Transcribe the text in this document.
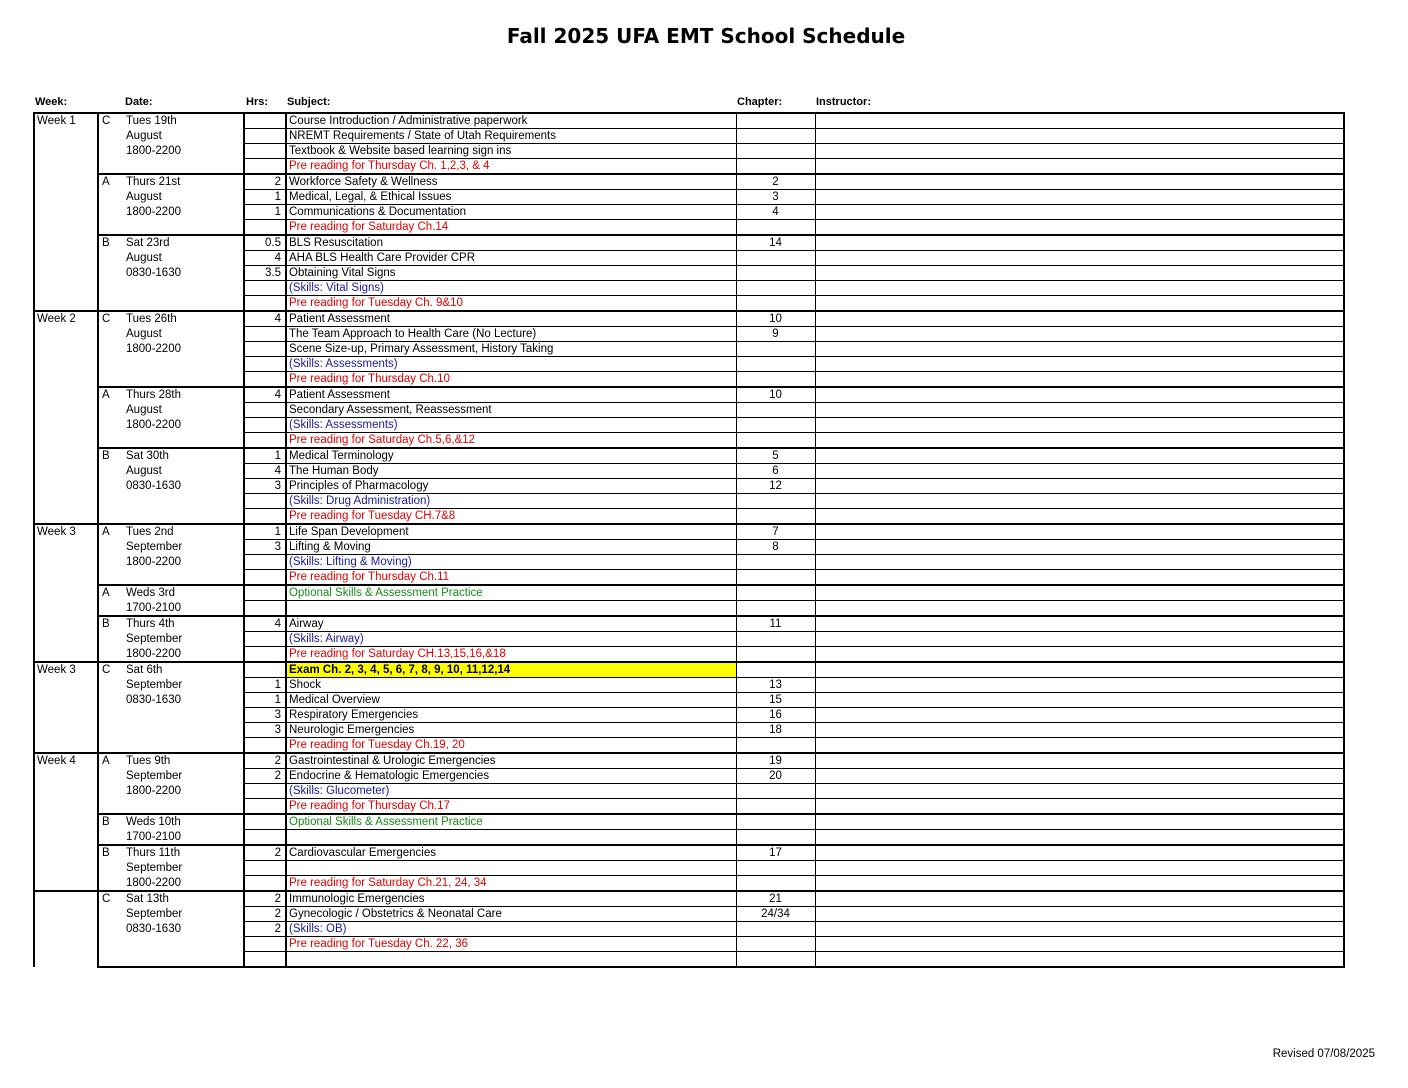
Fall 2025 UFA EMT School Schedule
Week:	Date:	Hrs: Subject:	Chapter:	Instructor:
Week 1	C	Tues 19th		Course Introduction / Administrative paperwork		
		August		NREMT Requirements / State of Utah Requirements		
		1800-2200		Textbook & Website based learning sign ins		
				Pre reading for Thursday Ch. 1,2,3, & 4		
	A	Thurs 21st	2	Workforce Safety & Wellness	2	
		August	1	Medical, Legal, & Ethical Issues	3	
		1800-2200	1	Communications & Documentation	4	
				Pre reading for Saturday Ch.14		
	B	Sat 23rd	0.5	BLS Resuscitation	14	
		August	4	AHA BLS Health Care Provider CPR		
		0830-1630	3.5	Obtaining Vital Signs		
				(Skills: Vital Signs)		
				Pre reading for Tuesday Ch. 9&10		
Week 2	C	Tues 26th	4	Patient Assessment	10	
		August		The Team Approach to Health Care (No Lecture)	9	
		1800-2200		Scene Size-up, Primary Assessment, History Taking		
				(Skills: Assessments)		
				Pre reading for Thursday Ch.10		
	A	Thurs 28th	4	Patient Assessment	10	
		August		Secondary Assessment, Reassessment		
		1800-2200		(Skills: Assessments)		
				Pre reading for Saturday Ch.5,6,&12		
	B	Sat 30th	1	Medical Terminology	5	
		August	4	The Human Body	6	
		0830-1630	3	Principles of Pharmacology	12	
				(Skills: Drug Administration)		
				Pre reading for Tuesday CH.7&8		
Week 3	A	Tues 2nd	1	Life Span Development	7	
		September	3	Lifting & Moving	8	
		1800-2200		(Skills: Lifting & Moving)		
				Pre reading for Thursday Ch.11		
	A	Weds 3rd		Optional Skills & Assessment Practice		
		1700-2100				
	B	Thurs 4th	4	Airway	11	
		September		(Skills: Airway)		
		1800-2200		Pre reading for Saturday CH.13,15,16,&18		
Week 3	C	Sat 6th		Exam Ch. 2, 3, 4, 5, 6, 7, 8, 9, 10, 11,12,14		
		September	1	Shock	13	
		0830-1630	1	Medical Overview	15	
			3	Respiratory Emergencies	16	
			3	Neurologic Emergencies	18	
				Pre reading for Tuesday Ch.19, 20		
Week 4	A	Tues 9th	2	Gastrointestinal & Urologic Emergencies	19	
		September	2	Endocrine & Hematologic Emergencies	20	
		1800-2200		(Skills: Glucometer)		
				Pre reading for Thursday Ch.17		
	B	Weds 10th		Optional Skills & Assessment Practice		
		1700-2100				
	B	Thurs 11th	2	Cardiovascular Emergencies	17	
		September				
		1800-2200		Pre reading for Saturday Ch.21, 24, 34		
	C	Sat 13th	2	Immunologic Emergencies	21	
		September	2	Gynecologic / Obstetrics & Neonatal Care	24/34	
		0830-1630	2	(Skills: OB)		
				Pre reading for Tuesday Ch. 22, 36		

Revised 07/08/2025
